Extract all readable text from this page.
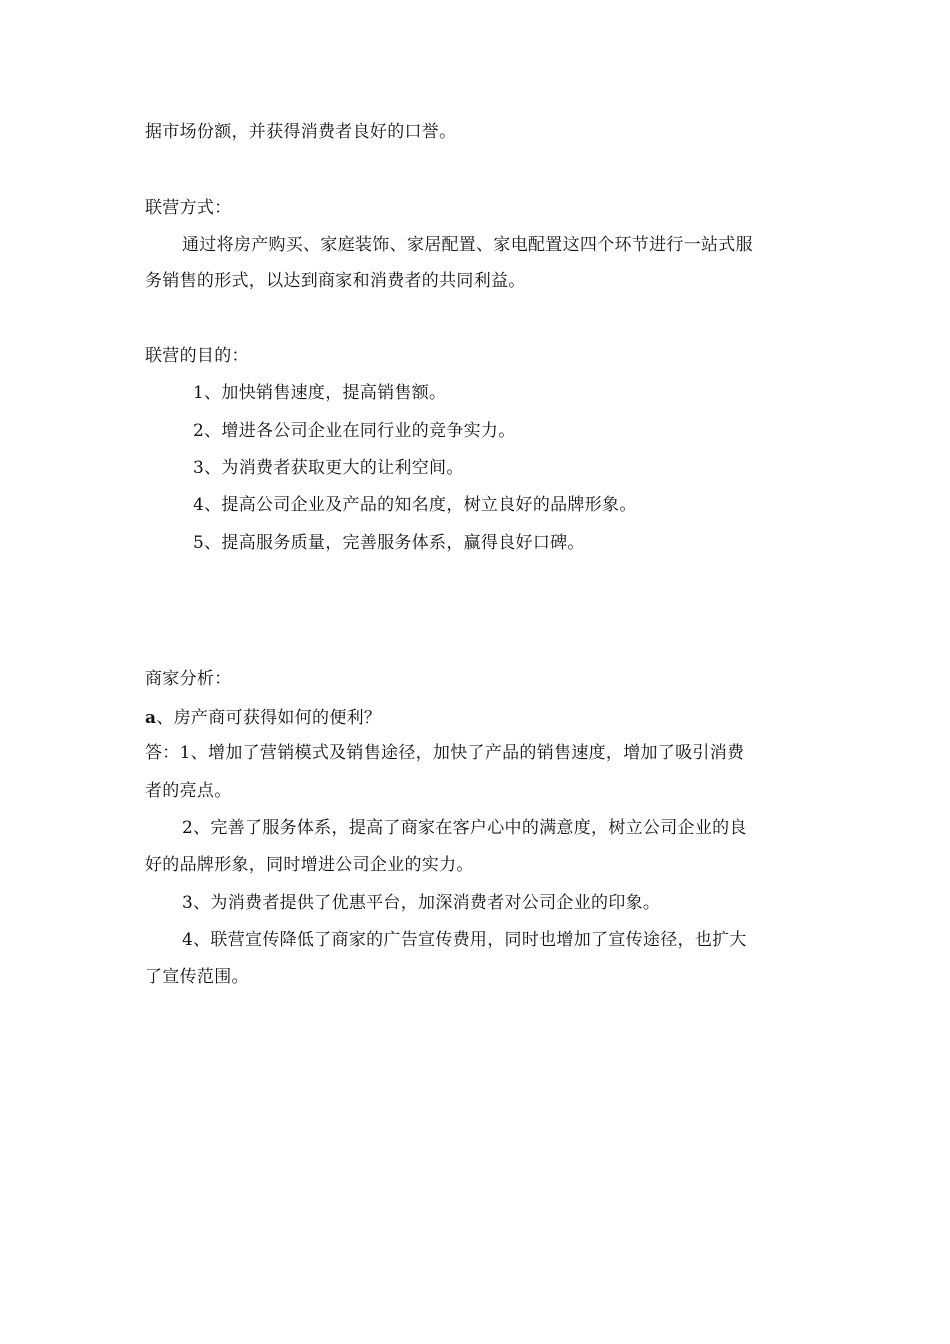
据市场份额，并获得消费者良好的口誉。
联营方式：
通过将房产购买、家庭装饰、家居配置、家电配置这四个环节进行一站式服
务销售的形式，以达到商家和消费者的共同利益。
联营的目的：
1、加快销售速度，提高销售额。
2、增进各公司企业在同行业的竞争实力。
3、为消费者获取更大的让利空间。
4、提高公司企业及产品的知名度，树立良好的品牌形象。
5、提高服务质量，完善服务体系，赢得良好口碑。
商家分析：
a、房产商可获得如何的便利？
答：1、增加了营销模式及销售途径，加快了产品的销售速度，增加了吸引消费
者的亮点。
2、完善了服务体系，提高了商家在客户心中的满意度，树立公司企业的良
好的品牌形象，同时增进公司企业的实力。
3、为消费者提供了优惠平台，加深消费者对公司企业的印象。
4、联营宣传降低了商家的广告宣传费用，同时也增加了宣传途径，也扩大
了宣传范围。
